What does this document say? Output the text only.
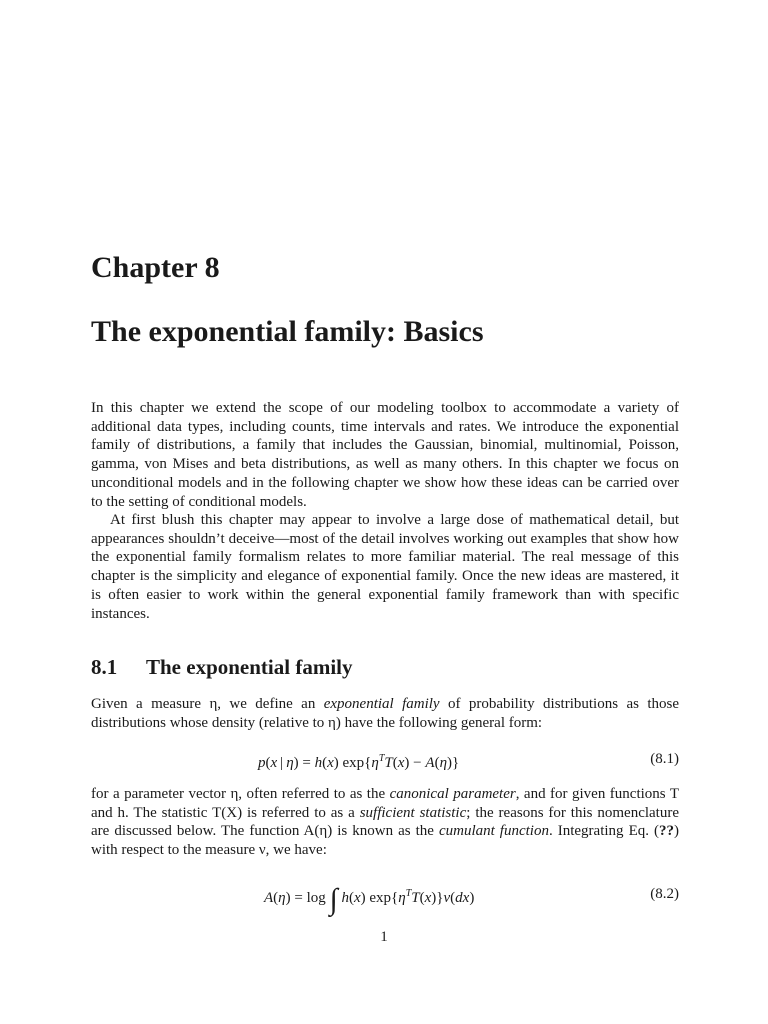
Chapter 8
The exponential family: Basics

In this chapter we extend the scope of our modeling toolbox to accommodate a variety of additional data types, including counts, time intervals and rates. We introduce the exponential family of distributions, a family that includes the Gaussian, binomial, multinomial, Poisson, gamma, von Mises and beta distributions, as well as many others. In this chapter we focus on unconditional models and in the following chapter we show how these ideas can be carried over to the setting of conditional models.

At first blush this chapter may appear to involve a large dose of mathematical detail, but appearances shouldn’t deceive—most of the detail involves working out examples that show how the exponential family formalism relates to more familiar material. The real message of this chapter is the simplicity and elegance of exponential family. Once the new ideas are mastered, it is often easier to work within the general exponential family framework than with specific instances.

8.1 The exponential family

Given a measure η, we define an exponential family of probability distributions as those distributions whose density (relative to η) have the following general form:

p(x | η) = h(x) $\exp\{\eta^TT(x) - A(\eta)\}$	(8.1)

for a parameter vector η, often referred to as the canonical parameter, and for given functions T and h. The statistic T(X) is referred to as a sufficient statistic; the reasons for this nomenclature are discussed below. The function A(η) is known as the cumulant function. Integrating Eq. (??) with respect to the measure ν, we have:

A(η) = log ∫ h(x) $\exp\{\eta^TT(x)\}\nu(dx)$	(8.2)
1
